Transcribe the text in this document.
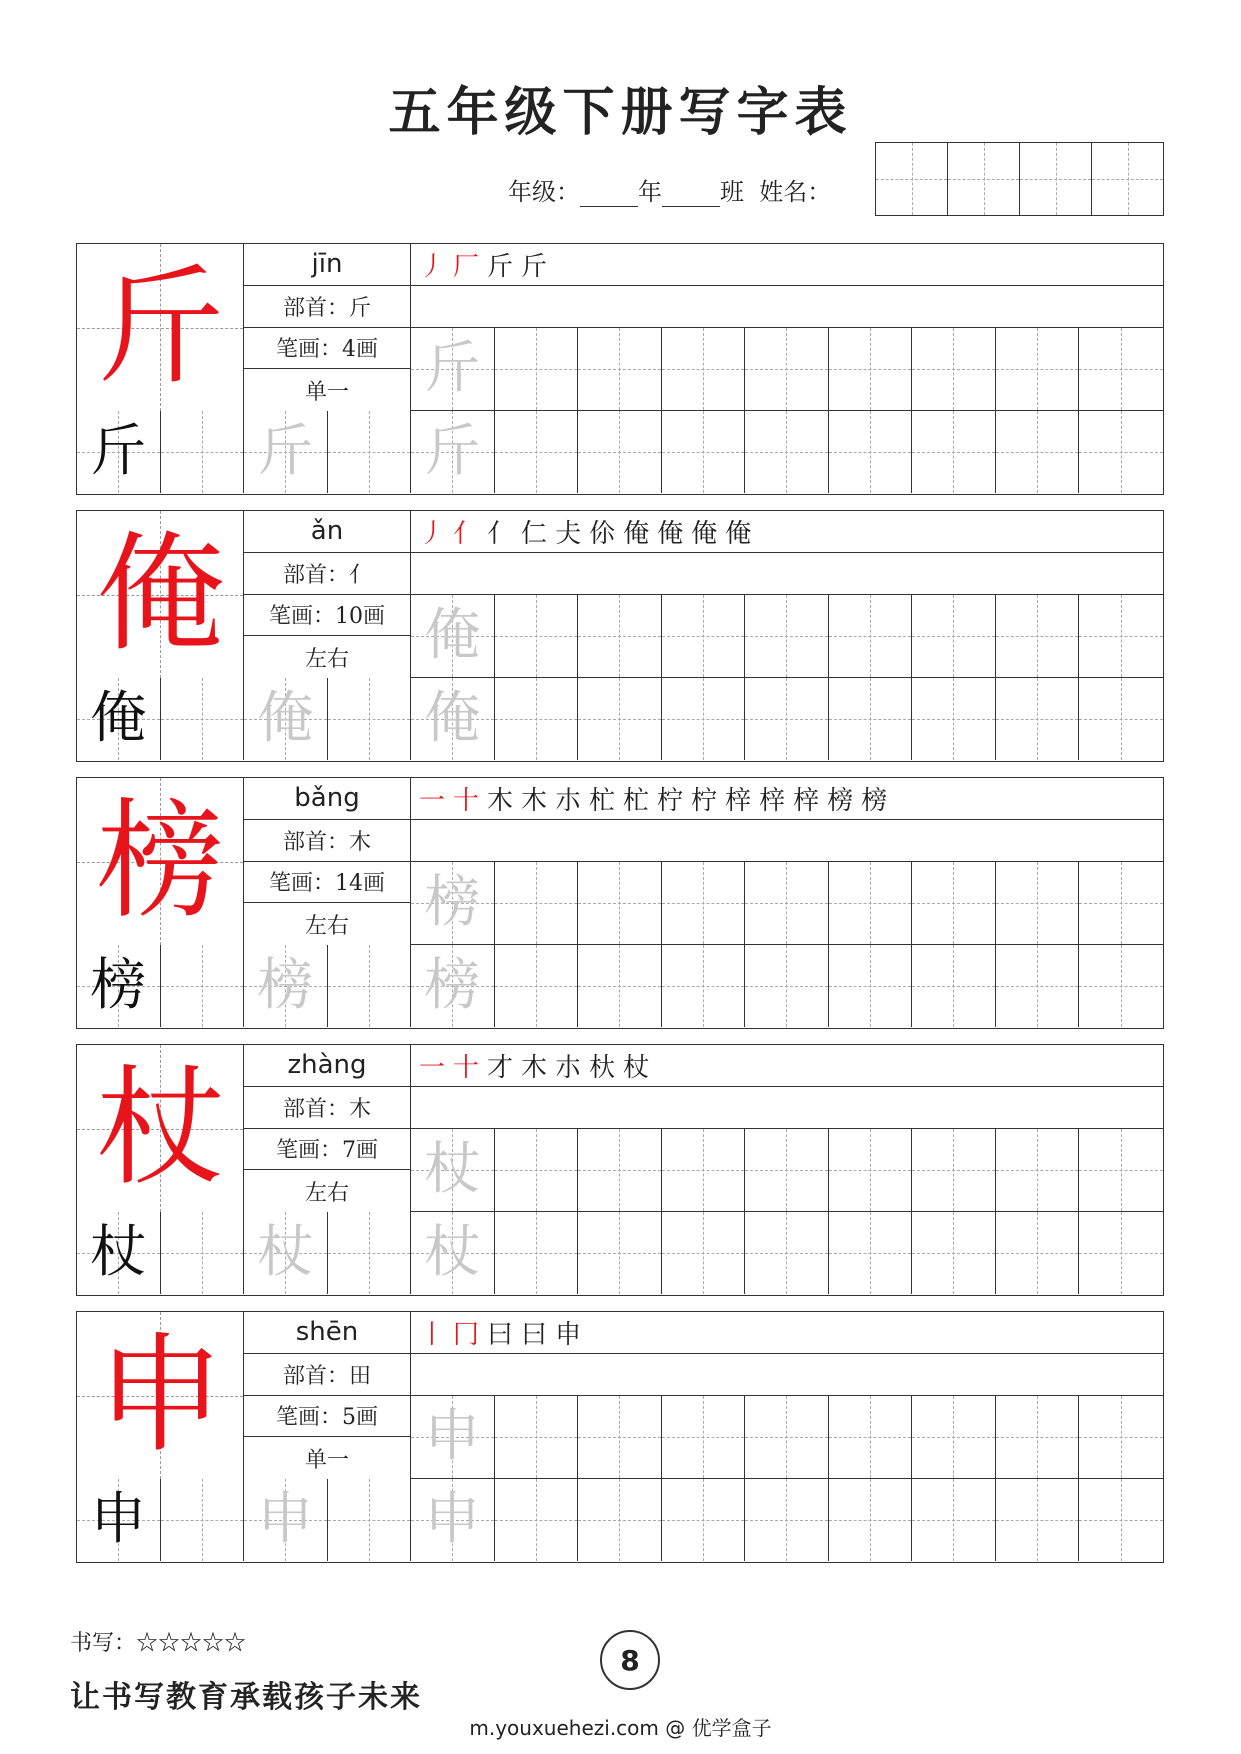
五年级下册写字表
年级： 年 班 姓名：
斤	jīn
部首：斤
笔画：4画
单一
丿 厂 斤 斤
斤
斤 斤 斤
俺	ǎn
部首：亻
笔画：10画
左右
丿 亻 亻 仁 仧 伱 俺 俺 俺 俺
俺
俺 俺 俺
榜	bǎng
部首：木
笔画：14画
左右
一 十 木 木 朩 杧 杧 柠 柠 梓 梓 梓 榜 榜
榜
榜 榜 榜
杖	zhàng
部首：木
笔画：7画
左右
一 十 才 木 朩 杕 杖
杖
杖 杖 杖
申	shēn
部首：田
笔画：5画
单一
丨 冂 曰 曰 申
申
申 申 申
书写：☆☆☆☆☆
让书写教育承载孩子未来
8
m.youxuehezi.com @ 优学盒子
